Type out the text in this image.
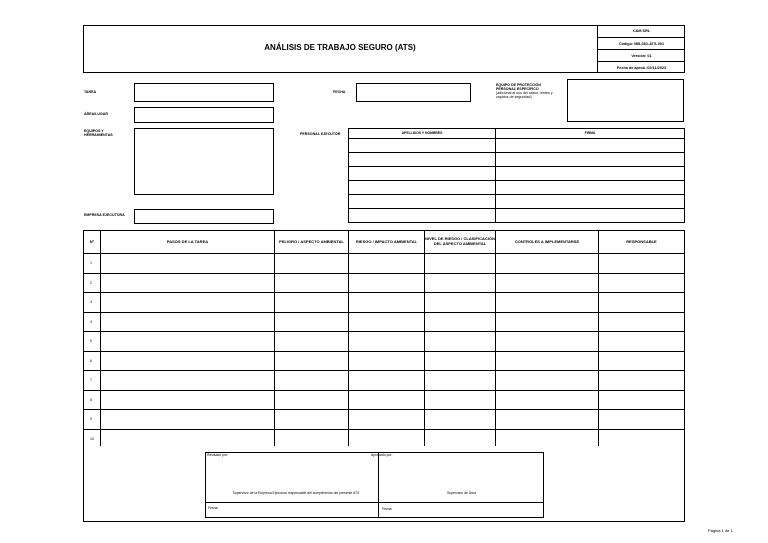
ANÁLISIS DE TRABAJO SEGURO (ATS)
C&M SRL
Codigo: MB-SIG-ATS-001
Versión: 01
Fecha de aprob.:02/11/2023
TAREA	FECHA
EQUIPO DE PROTECCIÓN PERSONAL ESPECÍFICO
(adicional al uso del casco, lentes y zapatos de seguridad)
ÁREA/LUGAR
EQUIPOS Y HERRAMIENTAS	PERSONAL EJECUTOR	APELLIDOS Y NOMBRES	FIRMA

EMPRESA EJECUTORA
N°	PASOS DE LA TAREA	PELIGRO / ASPECTO AMBIENTAL	RIESGO / IMPACTO AMBIENTAL	NIVEL DE RIESGO / CLASIFICACIÓN DEL ASPECTO AMBIENTAL	CONTROLES A IMPLEMENTARSE	RESPONSABLE
1						
2						
3						
4						
5						
6						
7						
8						
9						
10						
Revisado por:	Aprobado por:
Supervisor de la Empresa Ejecutora responsable del cumplimiento del presente ATS	Supervisor de Área
Fecha:	Fecha:
Página 1 de 1
